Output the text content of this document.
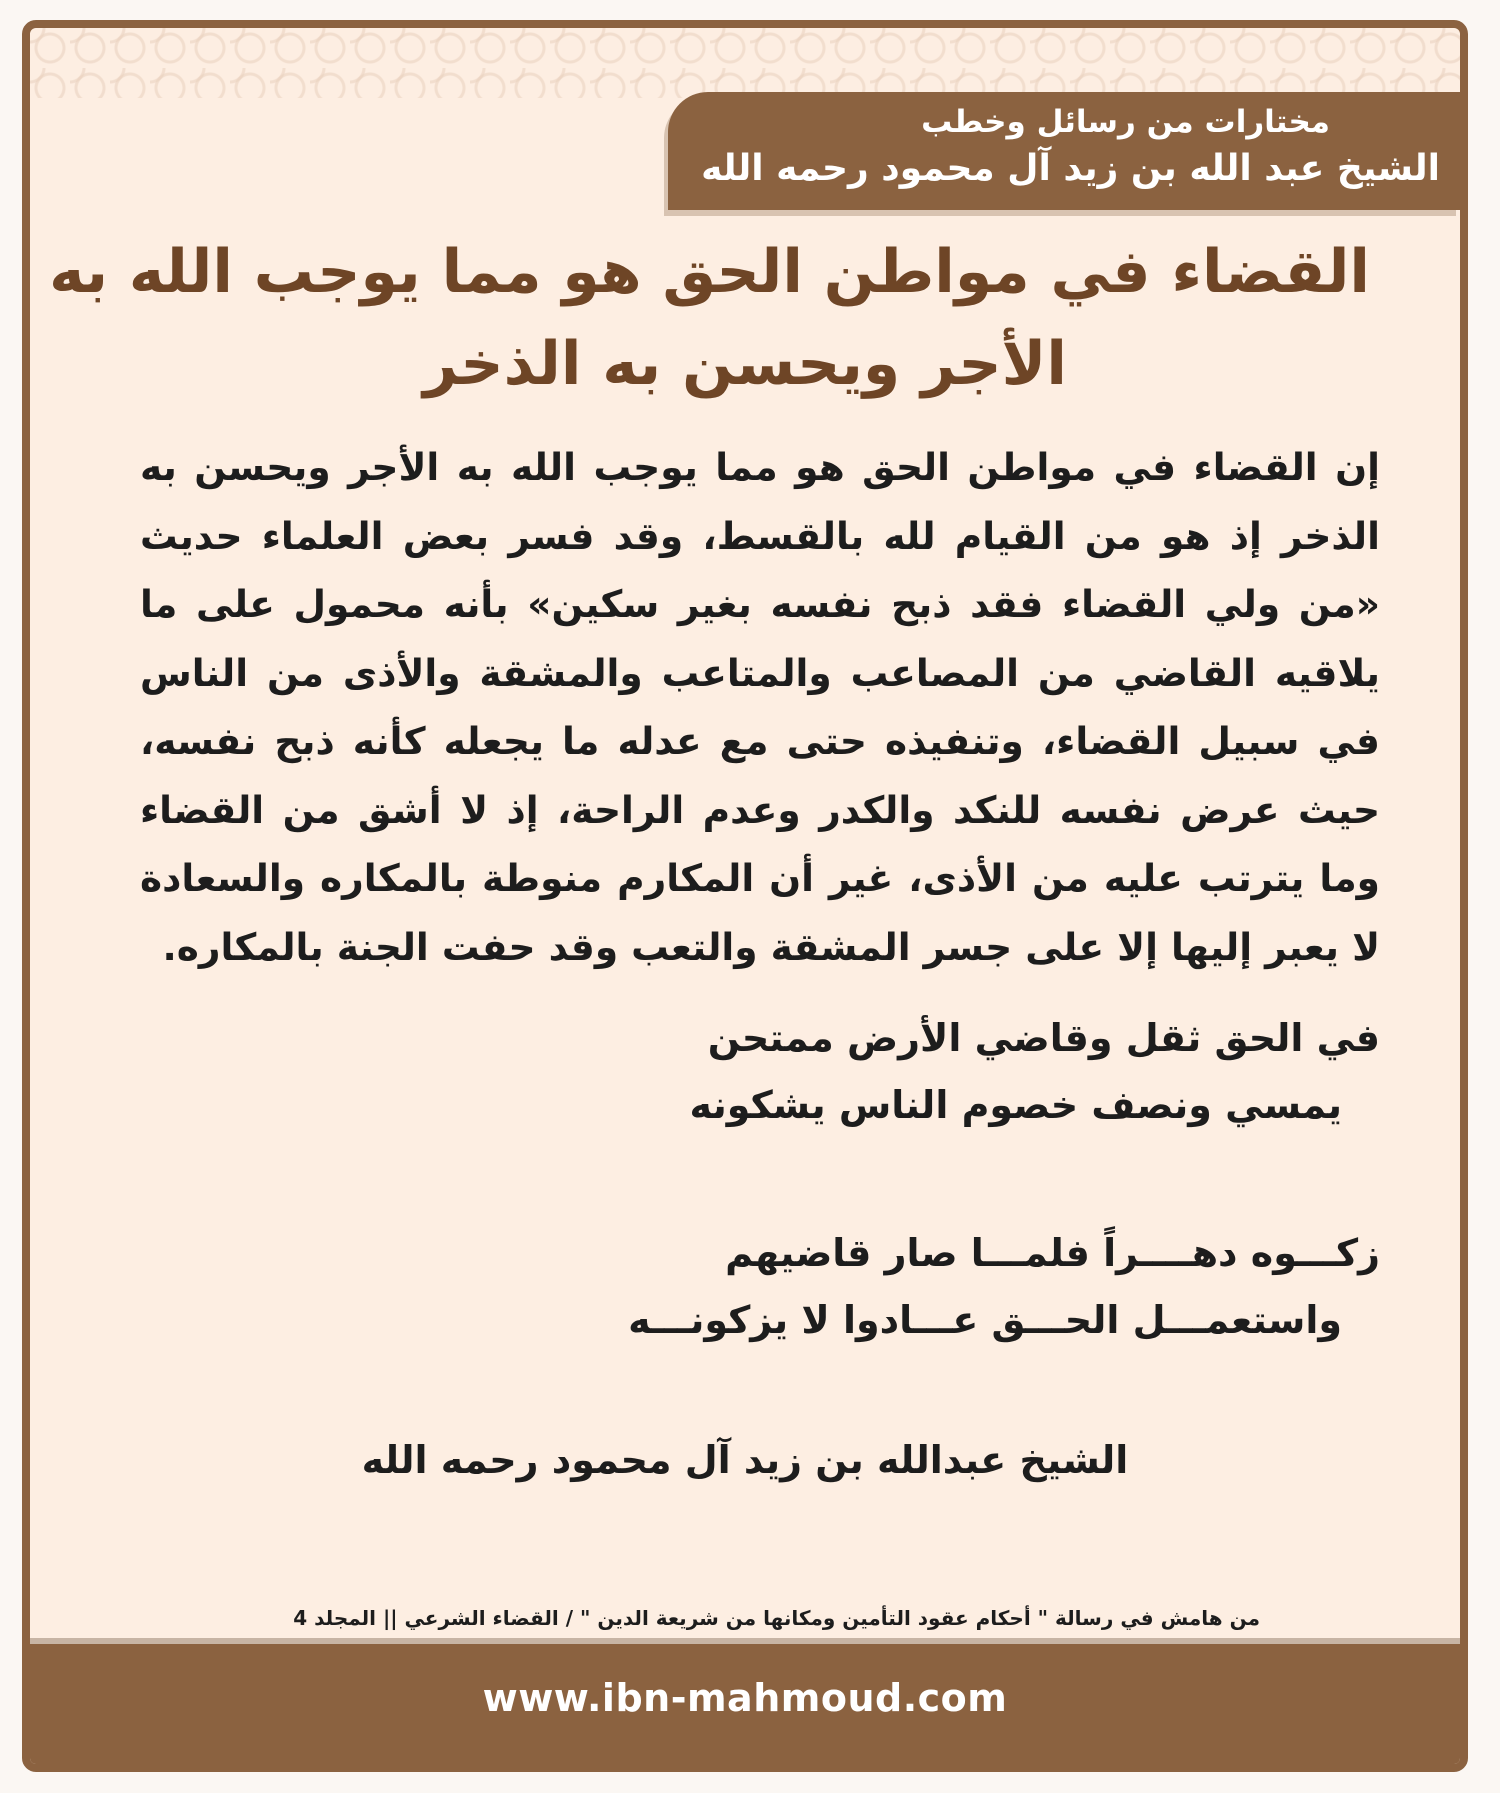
مختارات من رسائل وخطب
الشيخ عبد الله بن زيد آل محمود رحمه الله
القضاء في مواطن الحق هو مما يوجب الله به
الأجر ويحسن به الذخر
إن القضاء في مواطن الحق هو مما يوجب الله به الأجر ويحسن به الذخر إذ هو من القيام لله بالقسط، وقد فسر بعض العلماء حديث «من ولي القضاء فقد ذبح نفسه بغير سكين» بأنه محمول على ما يلاقيه القاضي من المصاعب والمتاعب والمشقة والأذى من الناس في سبيل القضاء، وتنفيذه حتى مع عدله ما يجعله كأنه ذبح نفسه، حيث عرض نفسه للنكد والكدر وعدم الراحة، إذ لا أشق من القضاء وما يترتب عليه من الأذى، غير أن المكارم منوطة بالمكاره والسعادة لا يعبر إليها إلا على جسر المشقة والتعب وقد حفت الجنة بالمكاره.
في الحق ثقل وقاضي الأرض ممتحن
يمسي ونصف خصوم الناس يشكونه
زكـــوه دهــــراً فلمـــا صار قاضيهم
واستعمـــل الحـــق عـــادوا لا يزكونـــه
الشيخ عبدالله بن زيد آل محمود رحمه الله
من هامش في رسالة " أحكام عقود التأمين ومكانها من شريعة الدين " / القضاء الشرعي || المجلد 4
www.ibn-mahmoud.com
